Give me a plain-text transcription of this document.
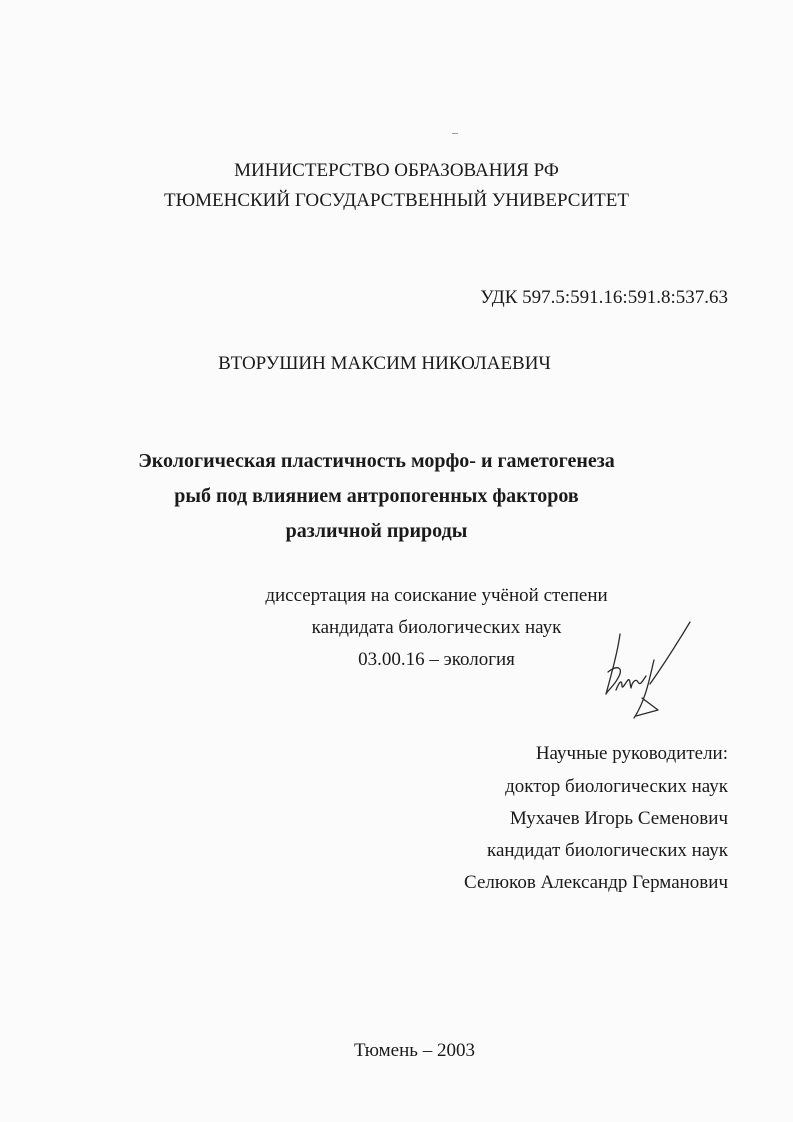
МИНИСТЕРСТВО ОБРАЗОВАНИЯ РФ
ТЮМЕНСКИЙ ГОСУДАРСТВЕННЫЙ УНИВЕРСИТЕТ
УДК 597.5:591.16:591.8:537.63
ВТОРУШИН МАКСИМ НИКОЛАЕВИЧ
Экологическая пластичность морфо- и гаметогенеза
рыб под влиянием антропогенных факторов
различной природы
диссертация на соискание учёной степени
кандидата биологических наук
03.00.16 – экология
Научные руководители:
доктор биологических наук
Мухачев Игорь Семенович
кандидат биологических наук
Селюков Александр Германович
Тюмень – 2003
